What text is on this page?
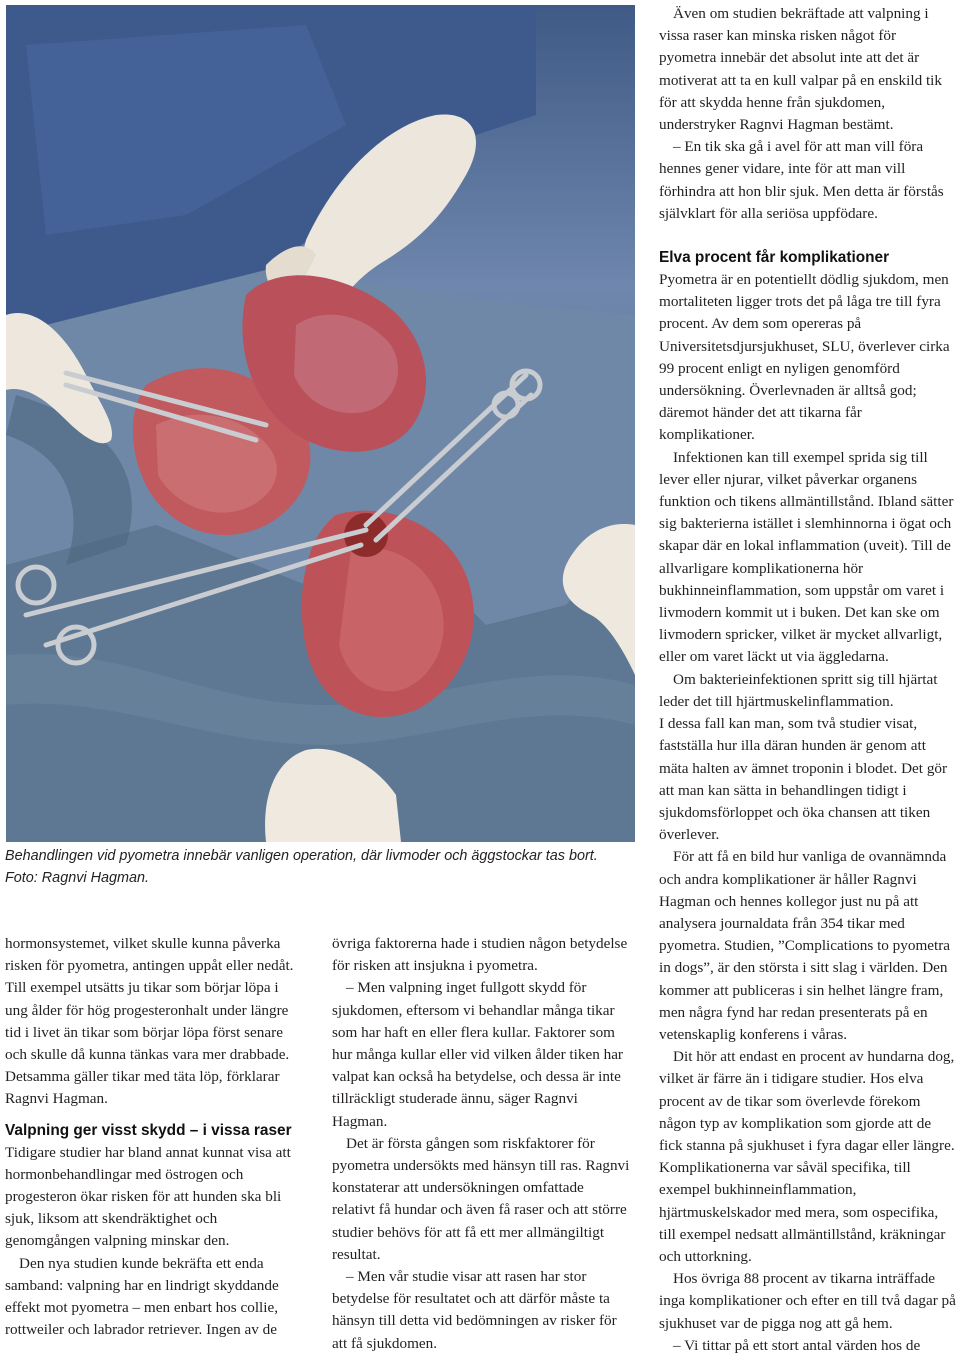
Behandlingen vid pyometra innebär vanligen operation, där livmoder och äggstockar tas bort.
Foto: Ragnvi Hagman.

hormonsystemet, vilket skulle kunna påverka risken för pyometra, antingen uppåt eller nedåt. Till exempel utsätts ju tikar som börjar löpa i ung ålder för hög progesteronhalt under längre tid i livet än tikar som börjar löpa först senare och skulle då kunna tänkas vara mer drabbade. Detsamma gäller tikar med täta löp, förklarar Ragnvi Hagman.

Valpning ger visst skydd – i vissa raser

Tidigare studier har bland annat kunnat visa att hormonbehandlingar med östrogen och progesteron ökar risken för att hunden ska bli sjuk, liksom att skendräktighet och genomgången valpning minskar den.

Den nya studien kunde bekräfta ett enda samband: valpning har en lindrigt skyddande effekt mot pyometra – men enbart hos collie, rottweiler och labrador retriever. Ingen av de

övriga faktorerna hade i studien någon betydelse för risken att insjukna i pyometra.

– Men valpning inget fullgott skydd för sjukdomen, eftersom vi behandlar många tikar som har haft en eller flera kullar. Faktorer som hur många kullar eller vid vilken ålder tiken har valpat kan också ha betydelse, och dessa är inte tillräckligt studerade ännu, säger Ragnvi Hagman.

Det är första gången som riskfaktorer för pyometra undersökts med hänsyn till ras. Ragnvi konstaterar att undersökningen omfattade relativt få hundar och även få raser och att större studier behövs för att få ett mer allmängiltigt resultat.

– Men vår studie visar att rasen har stor betydelse för resultatet och att därför måste ta hänsyn till detta vid bedömningen av risker för att få sjukdomen.

Även om studien bekräftade att valpning i vissa raser kan minska risken något för pyometra innebär det absolut inte att det är motiverat att ta en kull valpar på en enskild tik för att skydda henne från sjukdomen, understryker Ragnvi Hagman bestämt.

– En tik ska gå i avel för att man vill föra hennes gener vidare, inte för att man vill förhindra att hon blir sjuk. Men detta är förstås självklart för alla seriösa uppfödare.

Elva procent får komplikationer

Pyometra är en potentiellt dödlig sjukdom, men mortaliteten ligger trots det på låga tre till fyra procent. Av dem som opereras på Universitetsdjursjukhuset, SLU, överlever cirka 99 procent enligt en nyligen genomförd undersökning. Överlevnaden är alltså god; däremot händer det att tikarna får komplikationer.

Infektionen kan till exempel sprida sig till lever eller njurar, vilket påverkar organens funktion och tikens allmäntillstånd. Ibland sätter sig bakterierna istället i slemhinnorna i ögat och skapar där en lokal inflammation (uveit). Till de allvarligare komplikationerna hör bukhinneinflammation, som uppstår om varet i livmodern kommit ut i buken. Det kan ske om livmodern spricker, vilket är mycket allvarligt, eller om varet läckt ut via äggledarna.

Om bakterieinfektionen spritt sig till hjärtat leder det till hjärtmuskelinflammation.

I dessa fall kan man, som två studier visat, fastställa hur illa däran hunden är genom att mäta halten av ämnet troponin i blodet. Det gör att man kan sätta in behandlingen tidigt i sjukdomsförloppet och öka chansen att tiken överlever.

För att få en bild hur vanliga de ovannämnda och andra komplikationer är håller Ragnvi Hagman och hennes kollegor just nu på att analysera journaldata från 354 tikar med pyometra. Studien, ”Complications to pyometra in dogs”, är den största i sitt slag i världen. Den kommer att publiceras i sin helhet längre fram, men några fynd har redan presenterats på en vetenskaplig konferens i våras.

Dit hör att endast en procent av hundarna dog, vilket är färre än i tidigare studier. Hos elva procent av de tikar som överlevde förekom någon typ av komplikation som gjorde att de fick stanna på sjukhuset i fyra dagar eller längre. Komplikationerna var såväl specifika, till exempel bukhinneinflammation, hjärtmuskelskador med mera, som ospecifika, till exempel nedsatt allmäntillstånd, kräkningar och uttorkning.

Hos övriga 88 procent av tikarna inträffade inga komplikationer och efter en till två dagar på sjukhuset var de pigga nog att gå hem.

– Vi tittar på ett stort antal värden hos de
